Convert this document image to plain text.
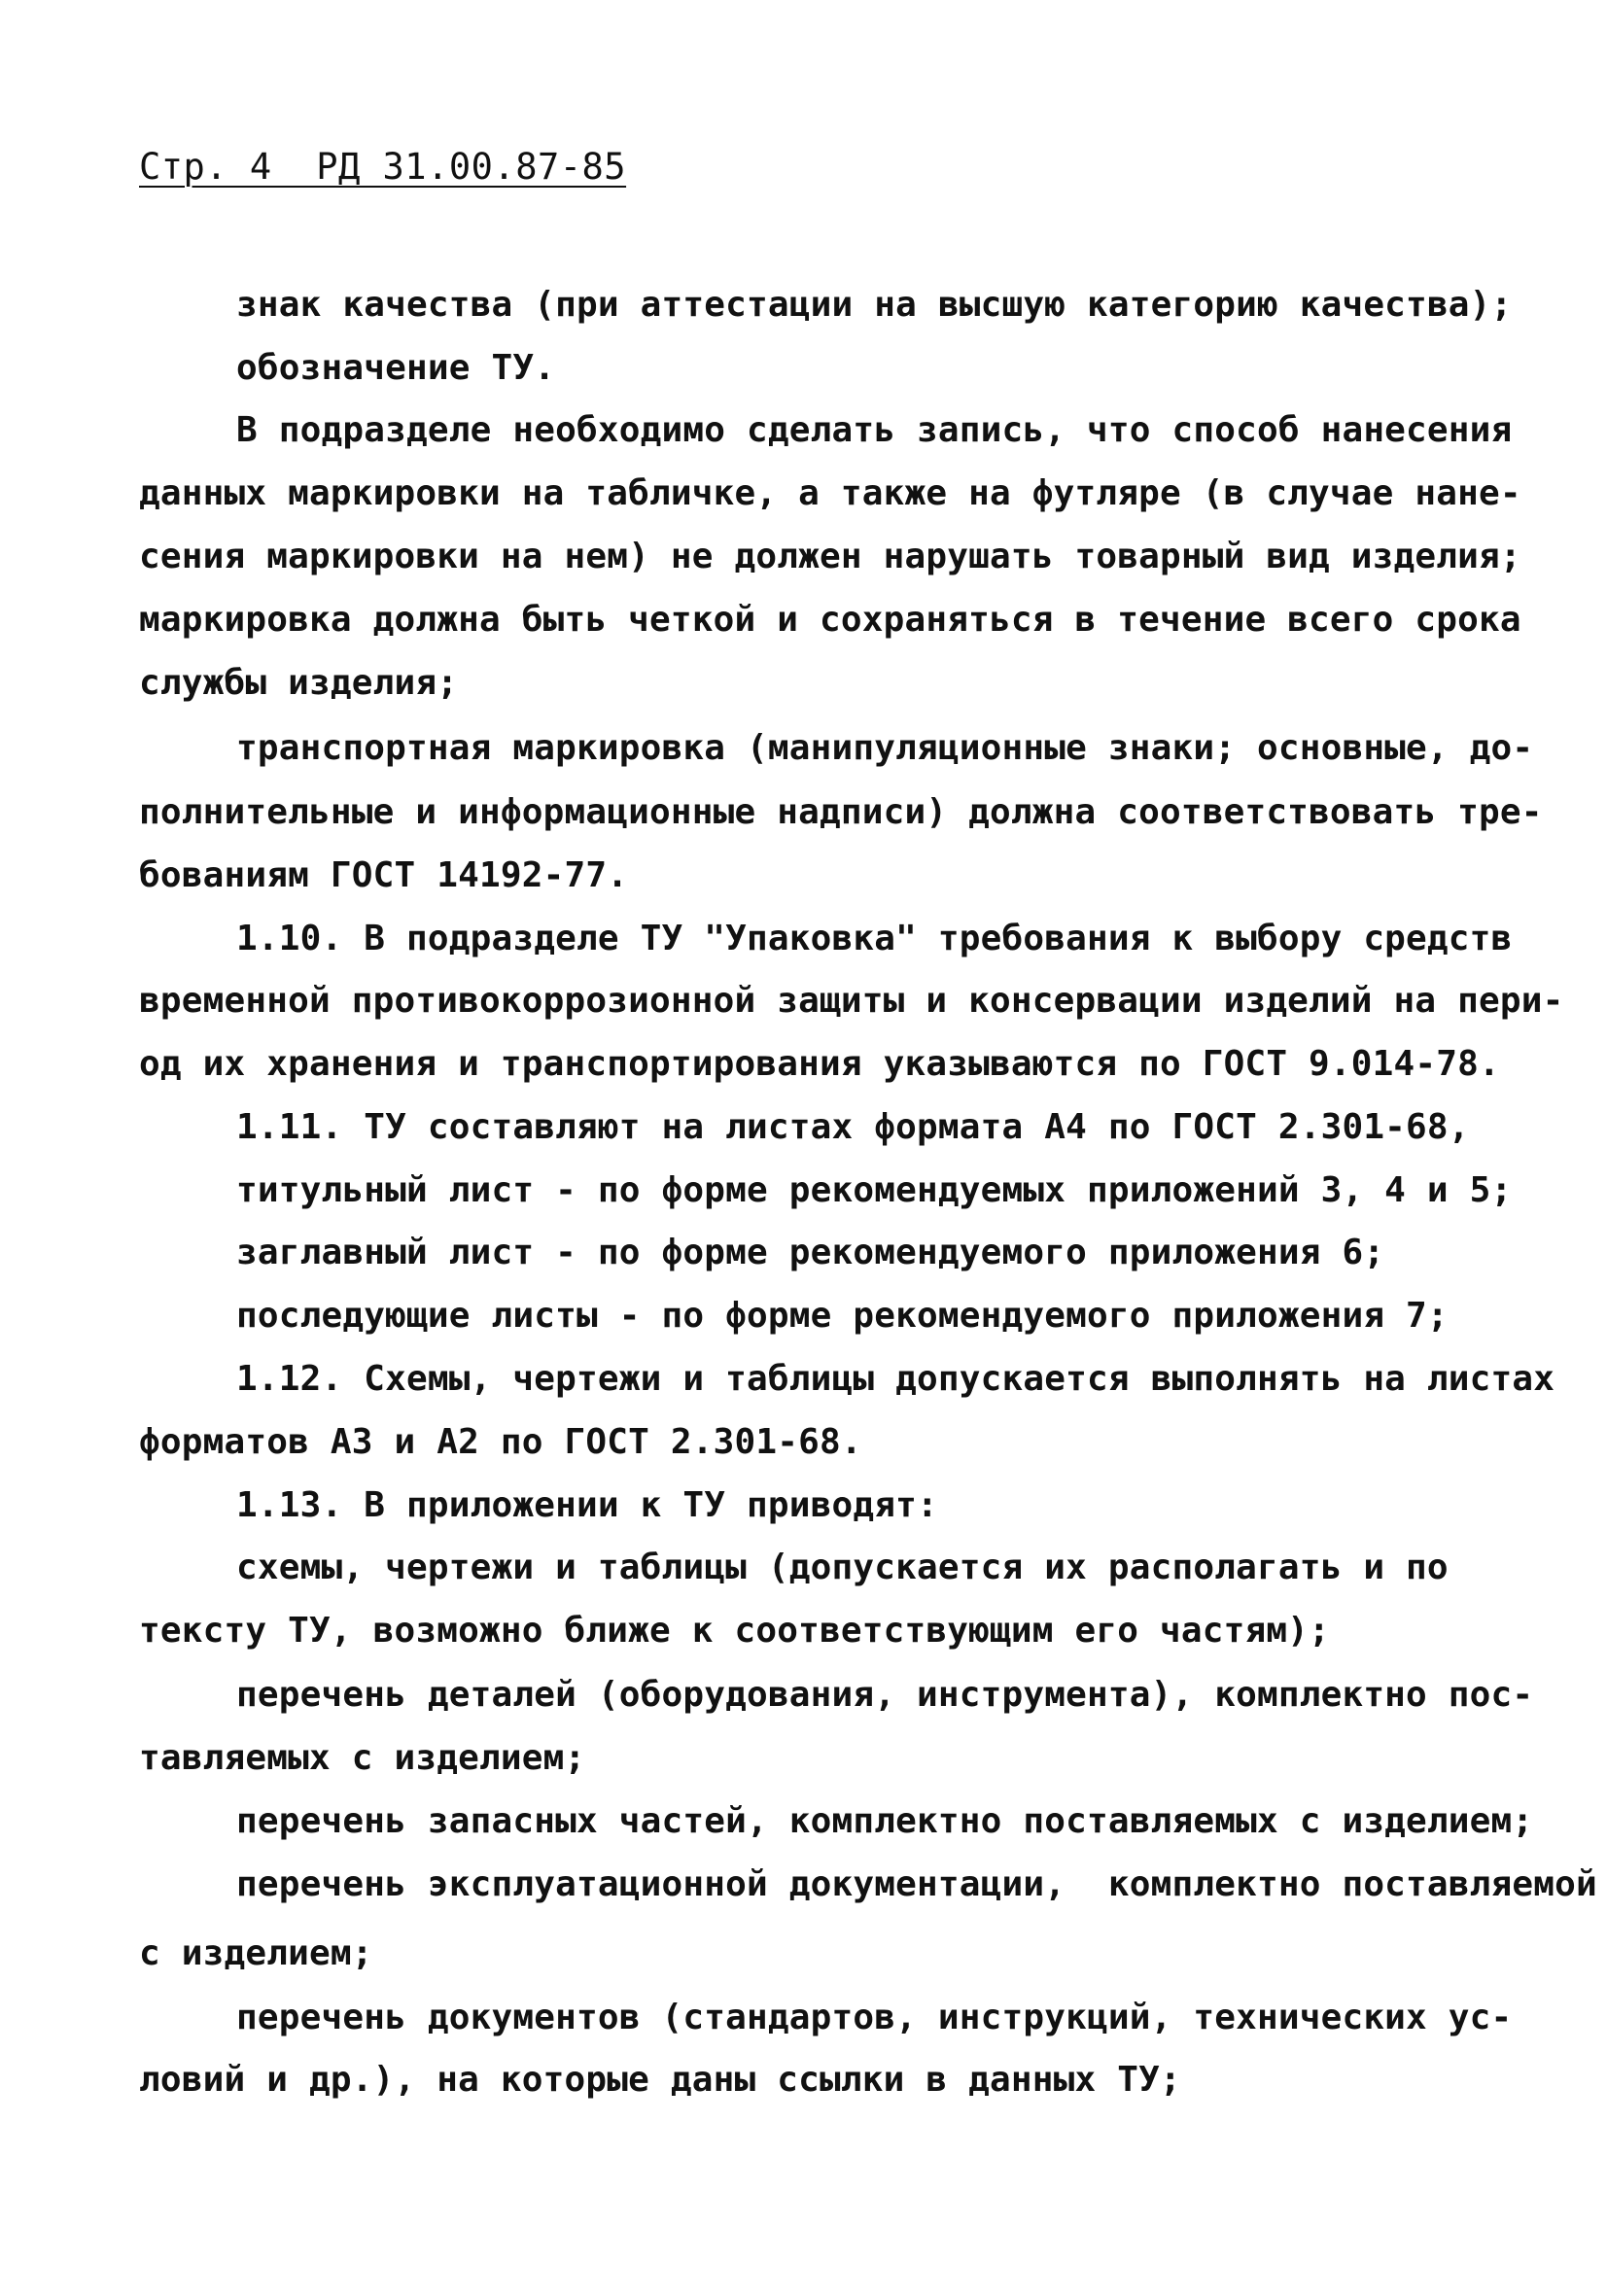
Стр. 4  РД 31.00.87-85
знак качества (при аттестации на высшую категорию качества);
обозначение ТУ.
В подразделе необходимо сделать запись, что способ нанесения
данных маркировки на табличке, а также на футляре (в случае нане-
сения маркировки на нем) не должен нарушать товарный вид изделия;
маркировка должна быть четкой и сохраняться в течение всего срока
службы изделия;
транспортная маркировка (манипуляционные знаки; основные, до-
полнительные и информационные надписи) должна соответствовать тре-
бованиям ГОСТ 14192-77.
1.10. В подразделе ТУ "Упаковка" требования к выбору средств
временной противокоррозионной защиты и консервации изделий на пери-
од их хранения и транспортирования указываются по ГОСТ 9.014-78.
1.11. ТУ составляют на листах формата А4 по ГОСТ 2.301-68,
титульный лист - по форме рекомендуемых приложений 3, 4 и 5;
заглавный лист - по форме рекомендуемого приложения 6;
последующие листы - по форме рекомендуемого приложения 7;
1.12. Схемы, чертежи и таблицы допускается выполнять на листах
форматов А3 и А2 по ГОСТ 2.301-68.
1.13. В приложении к ТУ приводят:
схемы, чертежи и таблицы (допускается их располагать и по
тексту ТУ, возможно ближе к соответствующим его частям);
перечень деталей (оборудования, инструмента), комплектно пос-
тавляемых с изделием;
перечень запасных частей, комплектно поставляемых с изделием;
перечень эксплуатационной документации,  комплектно поставляемой
с изделием;
перечень документов (стандартов, инструкций, технических ус-
ловий и др.), на которые даны ссылки в данных ТУ;
